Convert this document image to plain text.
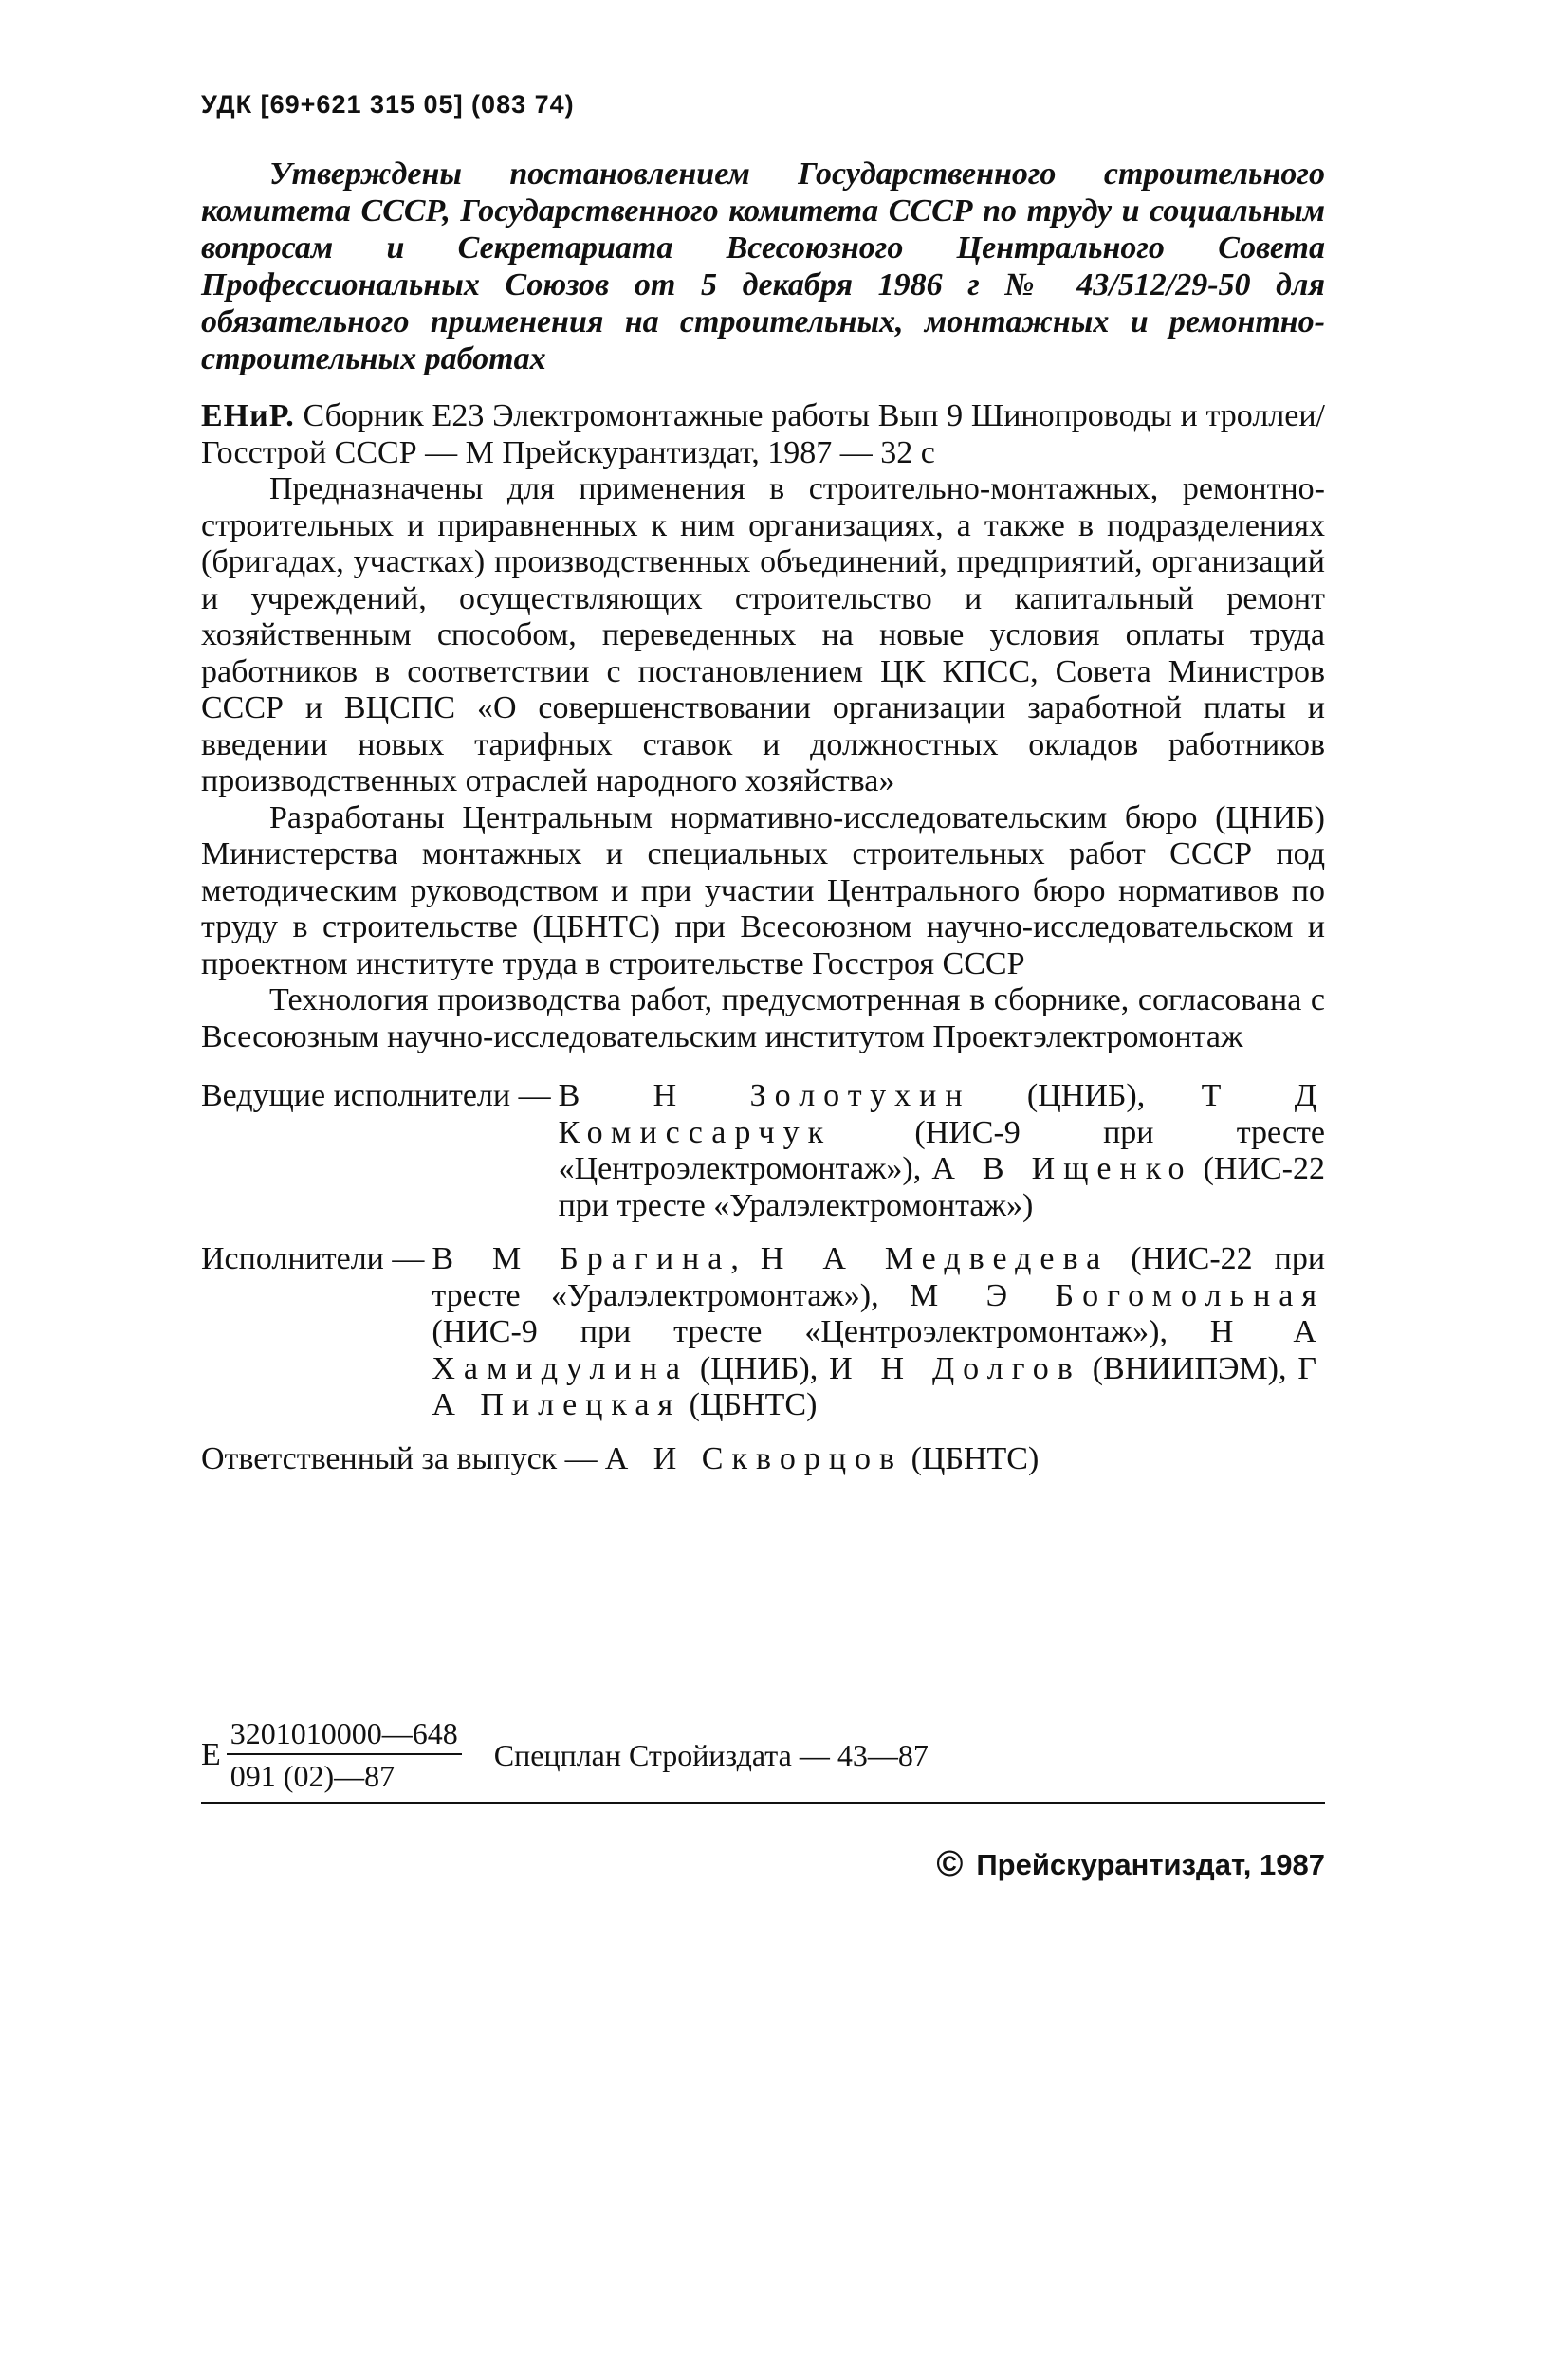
УДК [69+621 315 05] (083 74)

Утверждены постановлением Государственного строительного комитета СССР, Государственного комитета СССР по труду и социальным вопросам и Секретариата Всесоюзного Центрального Совета Профессиональных Союзов от 5 декабря 1986 г № 43/512/29-50 для обязательного применения на строительных, монтажных и ремонтно-строительных работах

ЕНиР. Сборник Е23 Электромонтажные работы Вып 9 Шинопроводы и троллеи/Госстрой СССР — М Прейскурантиздат, 1987 — 32 с

Предназначены для применения в строительно-монтажных, ремонтно-строительных и приравненных к ним организациях, а также в подразделениях (бригадах, участках) производственных объединений, предприятий, организаций и учреждений, осуществляющих строительство и капитальный ремонт хозяйственным способом, переведенных на новые условия оплаты труда работников в соответствии с постановлением ЦК КПСС, Совета Министров СССР и ВЦСПС «О совершенствовании организации заработной платы и введении новых тарифных ставок и должностных окладов работников производственных отраслей народного хозяйства»

Разработаны Центральным нормативно-исследовательским бюро (ЦНИБ) Министерства монтажных и специальных строительных работ СССР под методическим руководством и при участии Центрального бюро нормативов по труду в строительстве (ЦБНТС) при Всесоюзном научно-исследовательском и проектном институте труда в строительстве Госстроя СССР

Технология производства работ, предусмотренная в сборнике, согласована с Всесоюзным научно-исследовательским институтом Проектэлектромонтаж

Ведущие исполнители — В Н Золотухин (ЦНИБ), Т Д Комиссарчук (НИС-9 при тресте «Центроэлектромонтаж»), А В Ищенко (НИС-22 при тресте «Уралэлектромонтаж»)
Исполнители — В М Брагина, Н А Медведева (НИС-22 при тресте «Уралэлектромонтаж»), М Э Богомольная (НИС-9 при тресте «Центроэлектромонтаж»), Н А Хамидулина (ЦНИБ), И Н Долгов (ВНИИПЭМ), Г А Пилецкая (ЦБНТС)
Ответственный за выпуск — А И Скворцов (ЦБНТС)
Е $\frac{3201010000—648}{091 (02)—87}$ Спецплан Стройиздата — 43—87
© Прейскурантиздат, 1987
